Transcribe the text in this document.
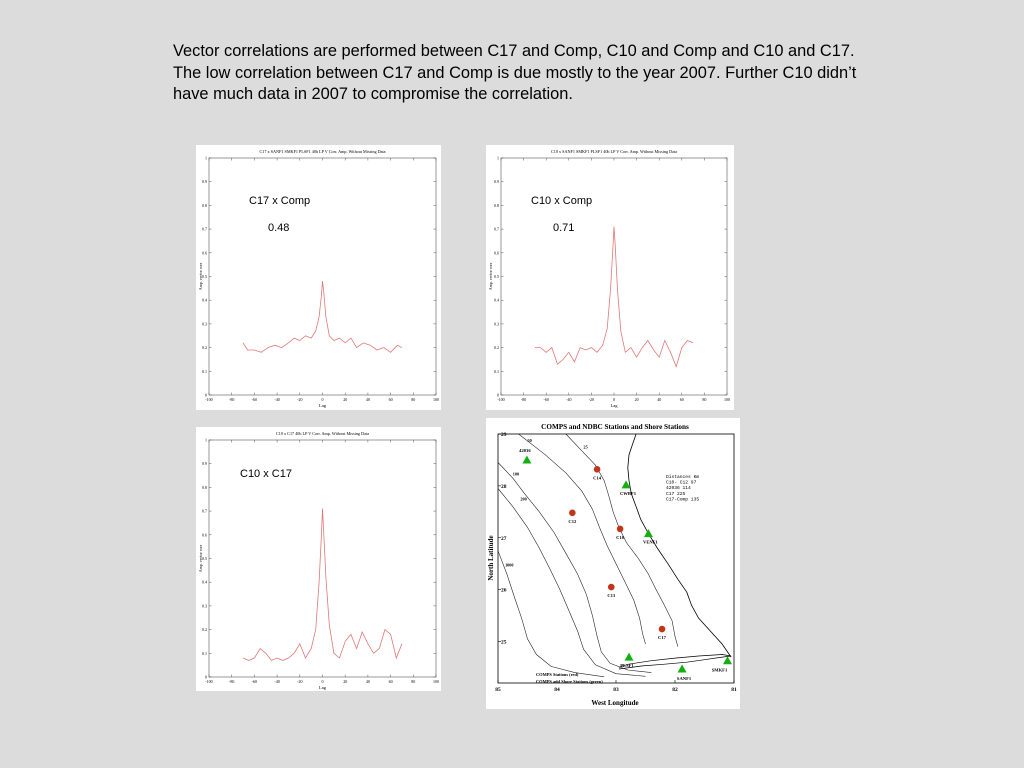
Vector correlations are performed between C17 and Comp, C10 and Comp and C10 and C17. The low correlation between C17 and Comp is due mostly to the year 2007. Further C10 didn’t have much data in 2007 to compromise the correlation.

C17 x SANF1 SMKF1 PLSF1 40h LP V Corr. Amp. Without Missing Data
0
0.1
0.2
0.3
0.4
0.5
0.6
0.7
0.8
0.9
1
-100	-80	-60	-40	-20	0	20	40	60	80	100
Lag
Amp. vector corr
C17 x Comp
0.48
C10 x SANF1 SMKF1 PLSF1 40h LP V Corr. Amp. Without Missing Data
0
0.1
0.2
0.3
0.4
0.5
0.6
0.7
0.8
0.9
1
-100	-80	-60	-40	-20	0	20	40	60	80	100
Lag
Amp. vector corr
C10 x Comp
0.71
C10 x C17 40h LP V Corr. Amp. Without Missing Data
0
0.1
0.2
0.3
0.4
0.5
0.6
0.7
0.8
0.9
1
-100	-80	-60	-40	-20	0	20	40	60	80	100
Lag
Amp. vector corr
C10 x C17
COMPS and NDBC Stations and Shore Stations
29
28
27
26
25
85	84	83	82	81
West Longitude
North Latitude
25
50
100
200
1000
Distances Km
C10- C12 97
42036 114
C17 225
C17-Comp 135
COMPS Stations (red)
COMPS and Shore Stations (green)
C14
C12
C10
C13
C17
42036
CWBF1
VENF1
PLSF1
SANF1
SMKF1
